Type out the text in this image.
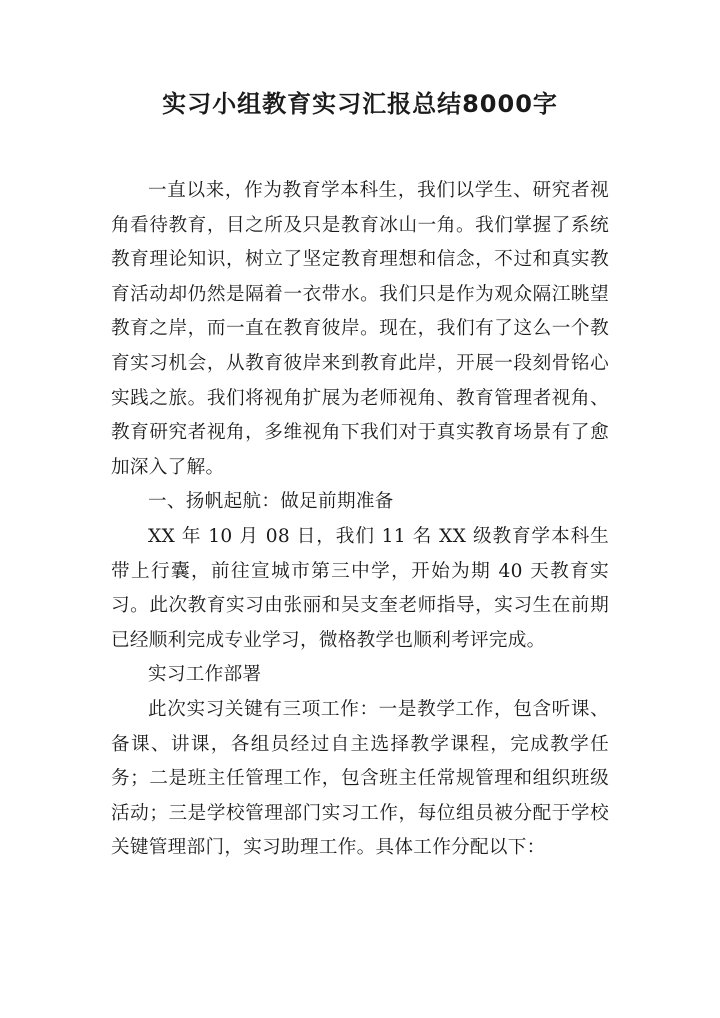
实习小组教育实习汇报总结8000字

一直以来，作为教育学本科生，我们以学生、研究者视角看待教育，目之所及只是教育冰山一角。我们掌握了系统教育理论知识，树立了坚定教育理想和信念，不过和真实教育活动却仍然是隔着一衣带水。我们只是作为观众隔江眺望教育之岸，而一直在教育彼岸。现在，我们有了这么一个教育实习机会，从教育彼岸来到教育此岸，开展一段刻骨铭心实践之旅。我们将视角扩展为老师视角、教育管理者视角、教育研究者视角，多维视角下我们对于真实教育场景有了愈加深入了解。

一、扬帆起航：做足前期准备

XX 年 10 月 08 日，我们 11 名 XX 级教育学本科生带上行囊，前往宣城市第三中学，开始为期 40 天教育实习。此次教育实习由张丽和吴支奎老师指导，实习生在前期已经顺利完成专业学习，微格教学也顺利考评完成。

实习工作部署

此次实习关键有三项工作：一是教学工作，包含听课、备课、讲课，各组员经过自主选择教学课程，完成教学任务；二是班主任管理工作，包含班主任常规管理和组织班级活动；三是学校管理部门实习工作，每位组员被分配于学校关键管理部门，实习助理工作。具体工作分配以下：
